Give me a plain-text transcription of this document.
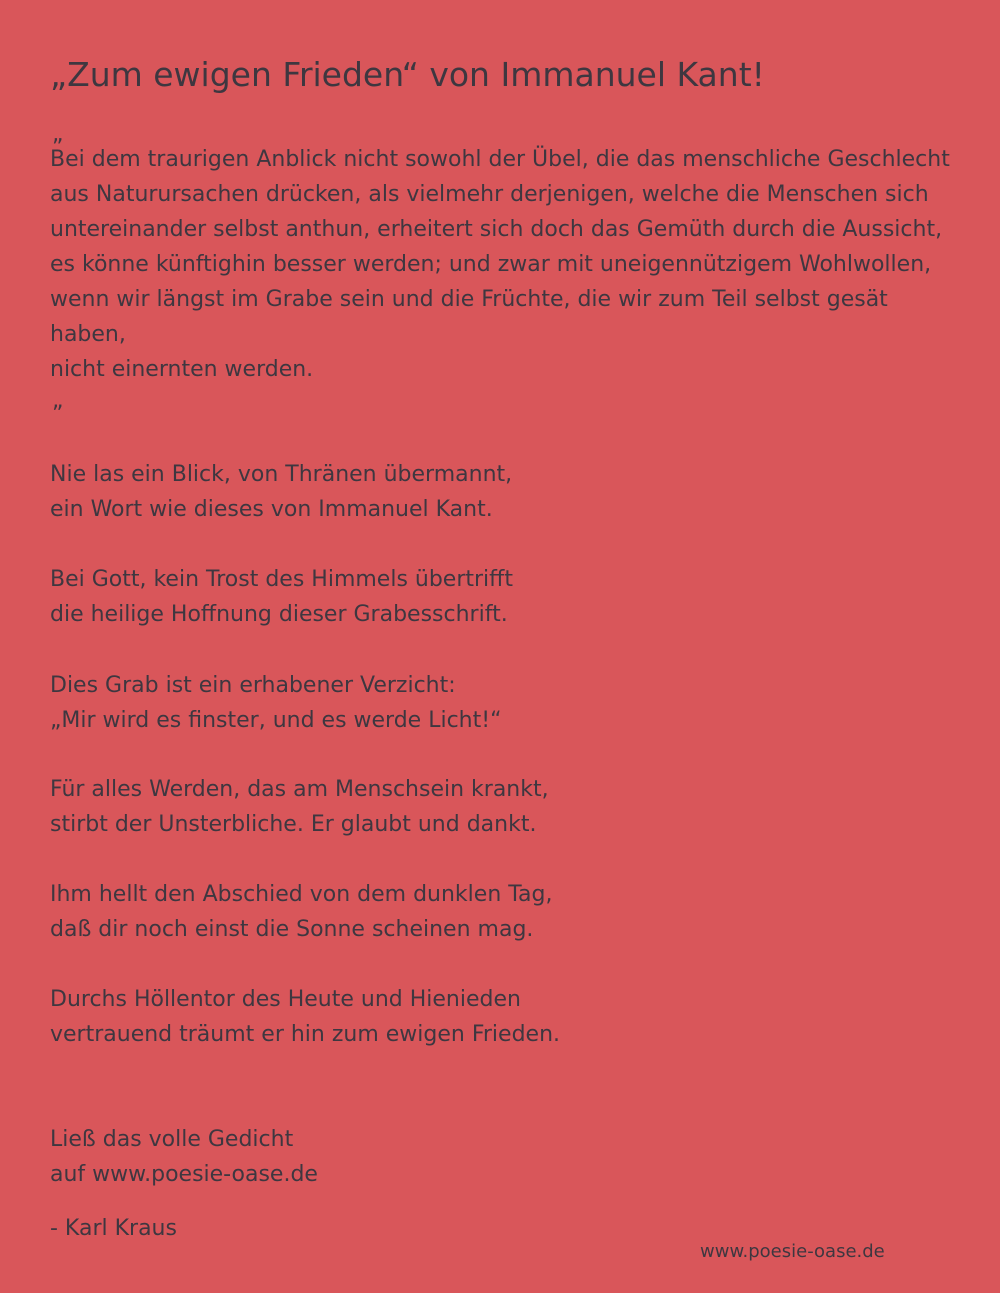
„Zum ewigen Frieden“ von Immanuel Kant!
„
Bei dem traurigen Anblick nicht sowohl der Übel, die das menschliche Geschlecht
aus Naturursachen drücken, als vielmehr derjenigen, welche die Menschen sich
untereinander selbst anthun, erheitert sich doch das Gemüth durch die Aussicht,
es könne künftighin besser werden; und zwar mit uneigennützigem Wohlwollen,
wenn wir längst im Grabe sein und die Früchte, die wir zum Teil selbst gesät
haben,
nicht einernten werden.
”
Nie las ein Blick, von Thränen übermannt,
ein Wort wie dieses von Immanuel Kant.
Bei Gott, kein Trost des Himmels übertrifft
die heilige Hoffnung dieser Grabesschrift.
Dies Grab ist ein erhabener Verzicht:
„Mir wird es finster, und es werde Licht!“
Für alles Werden, das am Menschsein krankt,
stirbt der Unsterbliche. Er glaubt und dankt.
Ihm hellt den Abschied von dem dunklen Tag,
daß dir noch einst die Sonne scheinen mag.
Durchs Höllentor des Heute und Hienieden
vertrauend träumt er hin zum ewigen Frieden.
Ließ das volle Gedicht
auf www.poesie-oase.de
- Karl Kraus
www.poesie-oase.de
